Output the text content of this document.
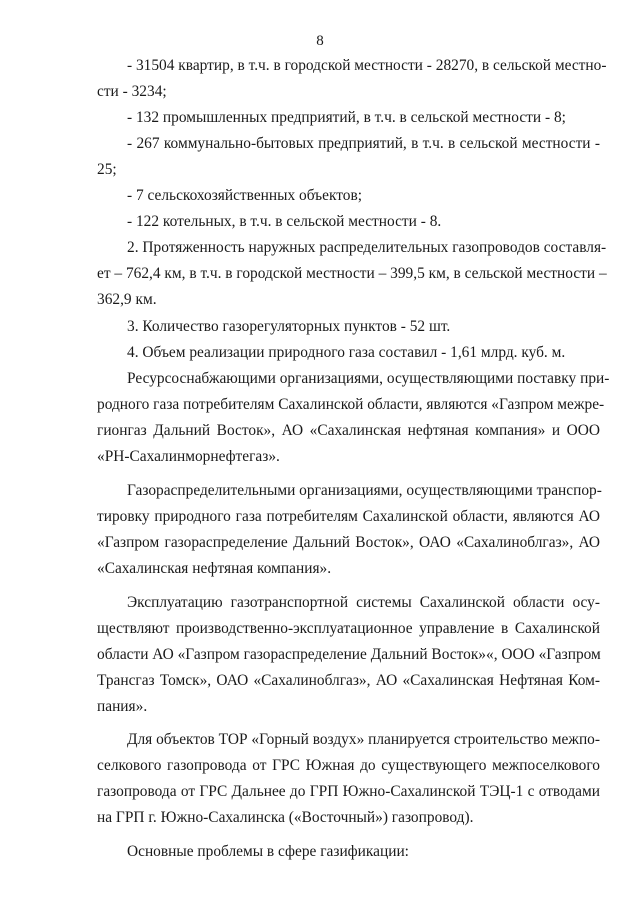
8
- 31504 квартир, в т.ч. в городской местности - 28270, в сельской местно-
сти - 3234;
- 132 промышленных предприятий, в т.ч. в сельской местности - 8;
- 267 коммунально-бытовых предприятий, в т.ч. в сельской местности -
25;
- 7 сельскохозяйственных объектов;
- 122 котельных, в т.ч. в сельской местности - 8.
2. Протяженность наружных распределительных газопроводов составля-
ет – 762,4 км, в т.ч. в городской местности – 399,5 км, в сельской местности –
362,9 км.
3. Количество газорегуляторных пунктов - 52 шт.
4. Объем реализации природного газа составил - 1,61 млрд. куб. м.
Ресурсоснабжающими организациями, осуществляющими поставку при-
родного газа потребителям Сахалинской области, являются «Газпром межре-
гионгаз Дальний Восток», АО «Сахалинская нефтяная компания» и ООО
«РН-Сахалинморнефтегаз».
Газораспределительными организациями, осуществляющими транспор-
тировку природного газа потребителям Сахалинской области, являются АО
«Газпром газораспределение Дальний Восток», ОАО «Сахалиноблгаз», АО
«Сахалинская нефтяная компания».
Эксплуатацию газотранспортной системы Сахалинской области осу-
ществляют производственно-эксплуатационное управление в Сахалинской
области АО «Газпром газораспределение Дальний Восток»«, ООО «Газпром
Трансгаз Томск», ОАО «Сахалиноблгаз», АО «Сахалинская Нефтяная Ком-
пания».
Для объектов ТОР «Горный воздух» планируется строительство межпо-
селкового газопровода от ГРС Южная до существующего межпоселкового
газопровода от ГРС Дальнее до ГРП Южно-Сахалинской ТЭЦ-1 с отводами
на ГРП г. Южно-Сахалинска («Восточный») газопровод).
Основные проблемы в сфере газификации:
